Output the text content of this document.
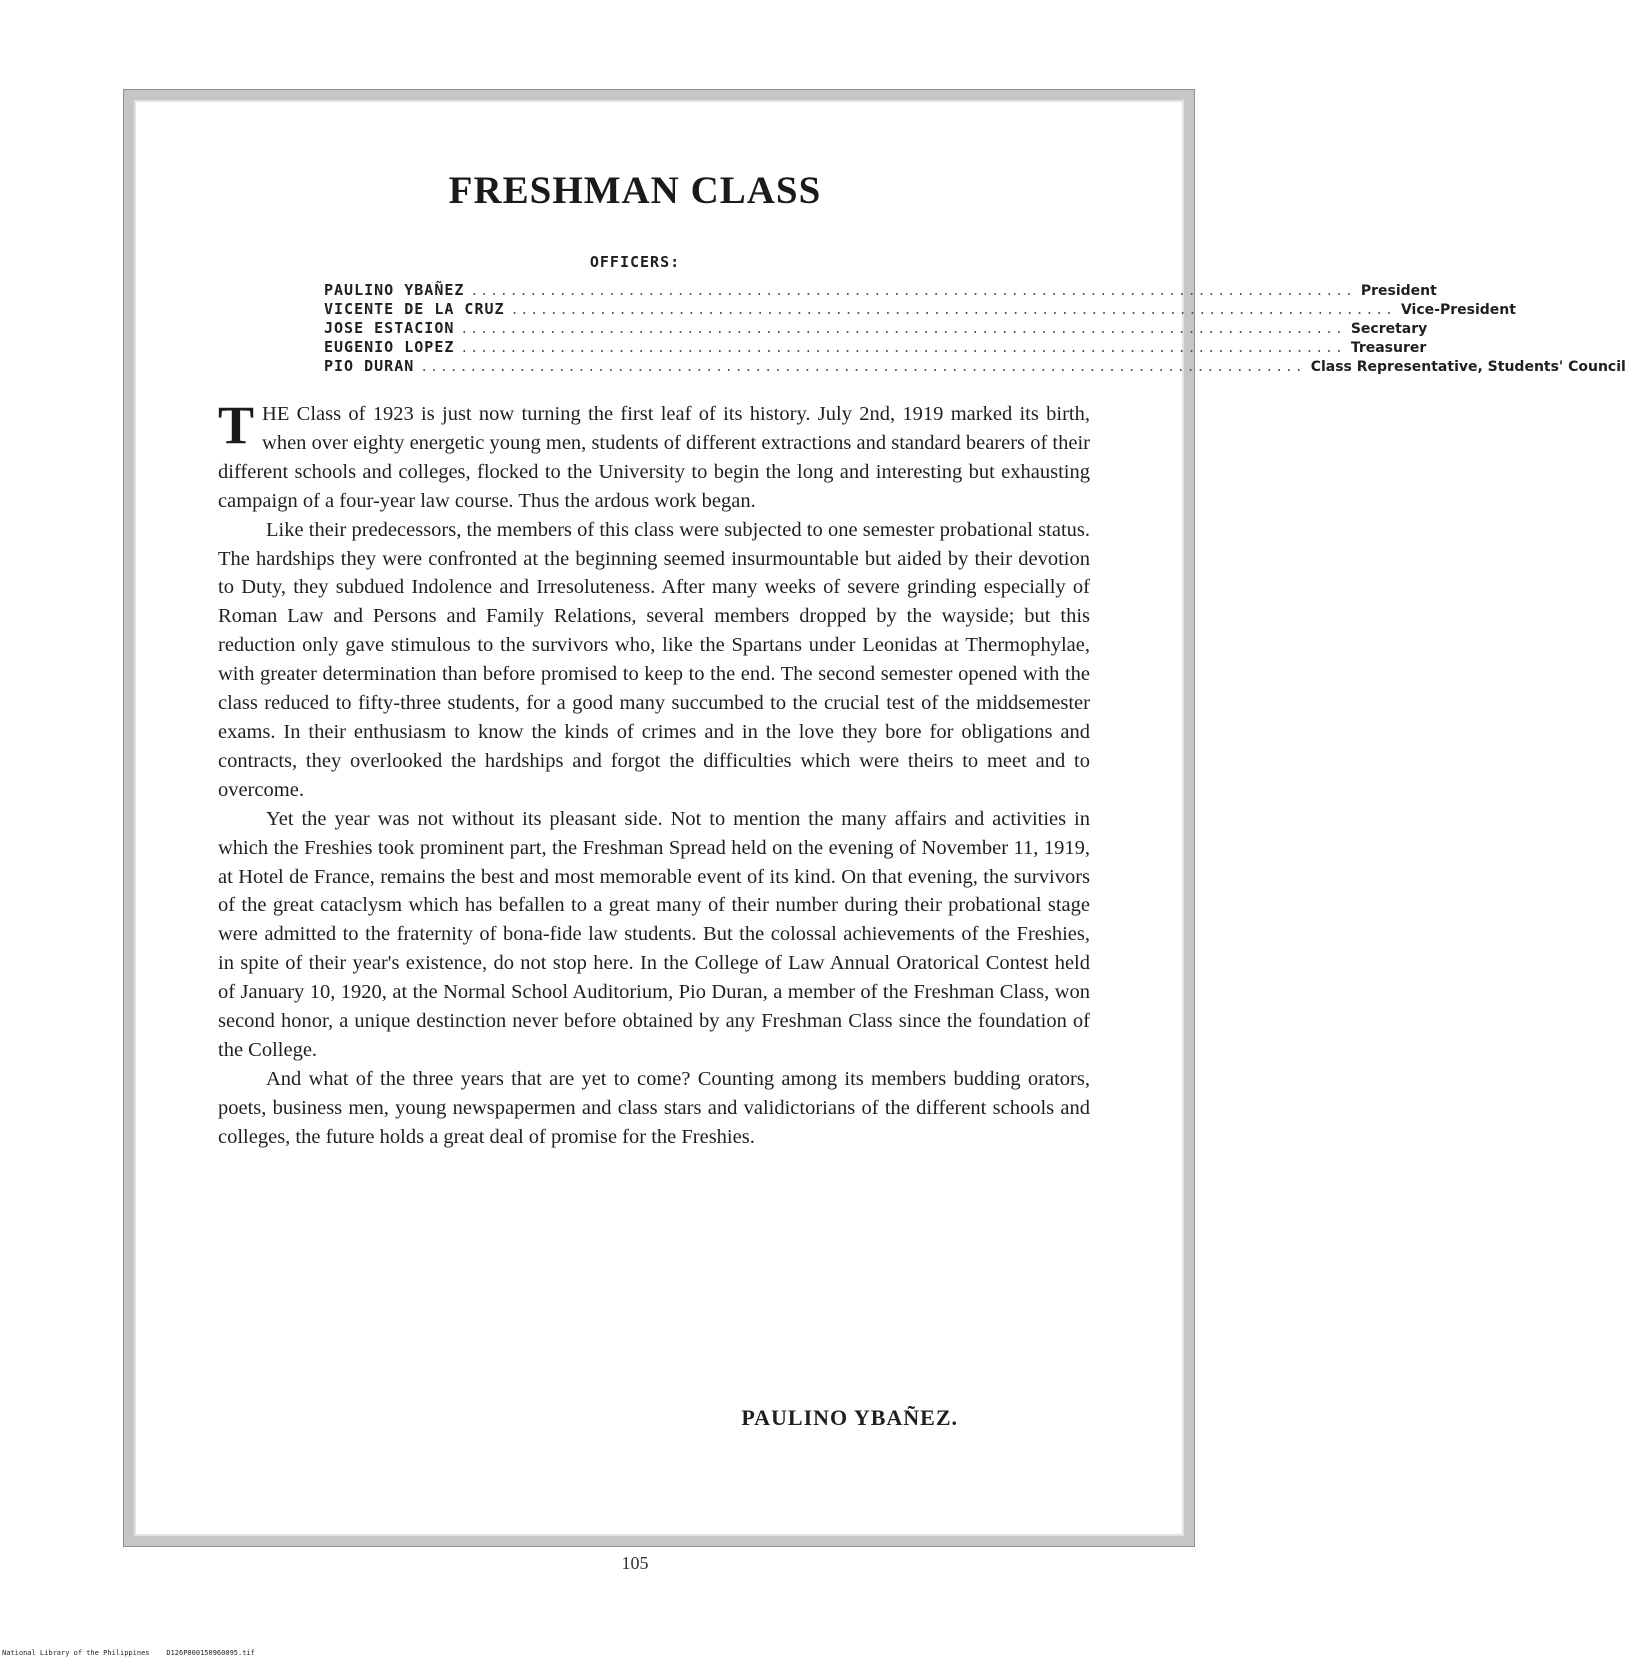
FRESHMAN CLASS
OFFICERS:
PAULINO YBAÑEZ .......................................................................................... President
VICENTE DE LA CRUZ .......................................................................................... Vice-President
JOSE ESTACION .......................................................................................... Secretary
EUGENIO LOPEZ .......................................................................................... Treasurer
PIO DURAN .......................................................................................... Class Representative, Students' Council

THE Class of 1923 is just now turning the first leaf of its history. July 2nd, 1919 marked its birth, when over eighty energetic young men, students of different extractions and standard bearers of their different schools and colleges, flocked to the University to begin the long and interesting but exhausting campaign of a four-year law course. Thus the ardous work began.

Like their predecessors, the members of this class were subjected to one semester probational status. The hardships they were confronted at the beginning seemed insurmountable but aided by their devotion to Duty, they subdued Indolence and Irresoluteness. After many weeks of severe grinding especially of Roman Law and Persons and Family Relations, several members dropped by the wayside; but this reduction only gave stimulous to the survivors who, like the Spartans under Leonidas at Thermophylae, with greater determination than before promised to keep to the end. The second semester opened with the class reduced to fifty-three students, for a good many succumbed to the crucial test of the middsemester exams. In their enthusiasm to know the kinds of crimes and in the love they bore for obligations and contracts, they overlooked the hardships and forgot the difficulties which were theirs to meet and to overcome.

Yet the year was not without its pleasant side. Not to mention the many affairs and activities in which the Freshies took prominent part, the Freshman Spread held on the evening of November 11, 1919, at Hotel de France, remains the best and most memorable event of its kind. On that evening, the survivors of the great cataclysm which has befallen to a great many of their number during their probational stage were admitted to the fraternity of bona-fide law students. But the colossal achievements of the Freshies, in spite of their year's existence, do not stop here. In the College of Law Annual Oratorical Contest held of January 10, 1920, at the Normal School Auditorium, Pio Duran, a member of the Freshman Class, won second honor, a unique destinction never before obtained by any Freshman Class since the foundation of the College.

And what of the three years that are yet to come? Counting among its members budding orators, poets, business men, young newspapermen and class stars and validictorians of the different schools and colleges, the future holds a great deal of promise for the Freshies.

PAULINO YBAÑEZ.
105
National Library of the Philippines    D126P000150960095.tif
